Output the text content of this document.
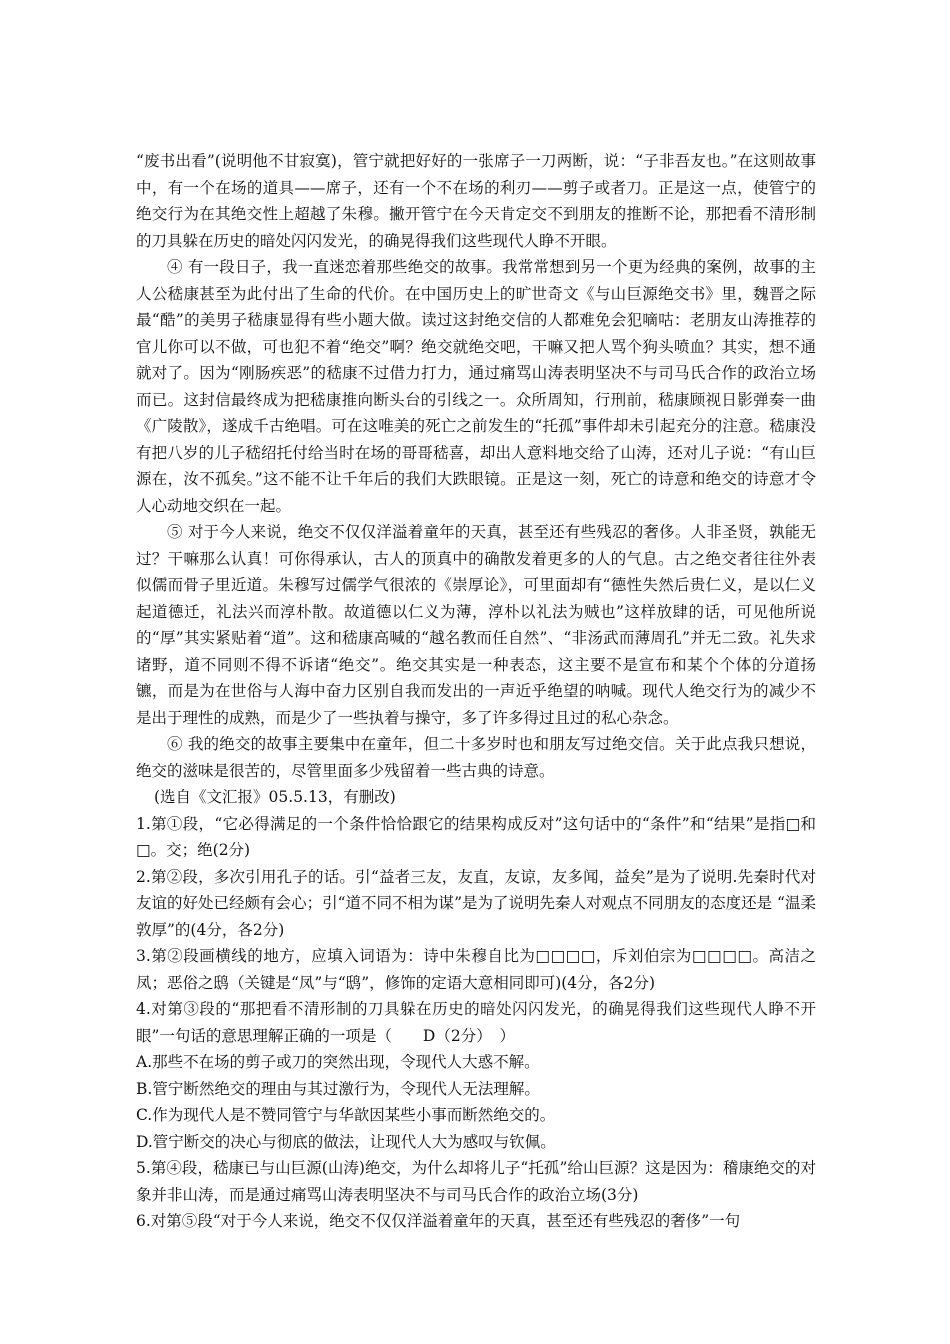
“废书出看”(说明他不甘寂寞)，管宁就把好好的一张席子一刀两断，说：“子非吾友也。”在这则故事中，有一个在场的道具——席子，还有一个不在场的利刃——剪子或者刀。正是这一点，使管宁的绝交行为在其绝交性上超越了朱穆。撇开管宁在今天肯定交不到朋友的推断不论，那把看不清形制的刀具躲在历史的暗处闪闪发光，的确晃得我们这些现代人睁不开眼。

④ 有一段日子，我一直迷恋着那些绝交的故事。我常常想到另一个更为经典的案例，故事的主人公嵇康甚至为此付出了生命的代价。在中国历史上的旷世奇文《与山巨源绝交书》里，魏晋之际最“酷”的美男子嵇康显得有些小题大做。读过这封绝交信的人都难免会犯嘀咕：老朋友山涛推荐的官儿你可以不做，可也犯不着“绝交”啊？绝交就绝交吧，干嘛又把人骂个狗头喷血？其实，想不通就对了。因为“刚肠疾恶”的嵇康不过借力打力，通过痛骂山涛表明坚决不与司马氏合作的政治立场而已。这封信最终成为把嵇康推向断头台的引线之一。众所周知，行刑前，嵇康顾视日影弹奏一曲《广陵散》，遂成千古绝唱。可在这唯美的死亡之前发生的“托孤”事件却未引起充分的注意。嵇康没有把八岁的儿子嵇绍托付给当时在场的哥哥嵇喜，却出人意料地交给了山涛，还对儿子说：“有山巨源在，汝不孤矣。”这不能不让千年后的我们大跌眼镜。正是这一刻，死亡的诗意和绝交的诗意才令人心动地交织在一起。

⑤ 对于今人来说，绝交不仅仅洋溢着童年的天真，甚至还有些残忍的奢侈。人非圣贤，孰能无过？干嘛那么认真！可你得承认，古人的顶真中的确散发着更多的人的气息。古之绝交者往往外表似儒而骨子里近道。朱穆写过儒学气很浓的《崇厚论》，可里面却有“德性失然后贵仁义，是以仁义起道德迁，礼法兴而淳朴散。故道德以仁义为薄，淳朴以礼法为贼也”这样放肆的话，可见他所说的“厚”其实紧贴着“道”。这和嵇康高喊的“越名教而任自然”、“非汤武而薄周孔”并无二致。礼失求诸野，道不同则不得不诉诸“绝交”。绝交其实是一种表态，这主要不是宣布和某个个体的分道扬镳，而是为在世俗与人海中奋力区别自我而发出的一声近乎绝望的呐喊。现代人绝交行为的减少不是出于理性的成熟，而是少了一些执着与操守，多了许多得过且过的私心杂念。

⑥ 我的绝交的故事主要集中在童年，但二十多岁时也和朋友写过绝交信。关于此点我只想说，绝交的滋味是很苦的，尽管里面多少残留着一些古典的诗意。

(选自《文汇报》05.5.13，有删改)

1.第①段，“它必得满足的一个条件恰恰跟它的结果构成反对”这句话中的“条件”和“结果”是指□和□。交；绝(2分)

2.第②段，多次引用孔子的话。引“益者三友，友直，友谅，友多闻，益矣”是为了说明.先秦时代对友谊的好处已经颇有会心；引“道不同不相为谋”是为了说明先秦人对观点不同朋友的态度还是 “温柔敦厚”的(4分，各2分)

3.第②段画横线的地方，应填入词语为：诗中朱穆自比为□□□□，斥刘伯宗为□□□□。高洁之凤；恶俗之鸱（关键是“凤”与“鸱”，修饰的定语大意相同即可)(4分，各2分)

4.对第③段的“那把看不清形制的刀具躲在历史的暗处闪闪发光，的确晃得我们这些现代人睁不开眼”一句话的意思理解正确的一项是（　　D（2分）　）

A.那些不在场的剪子或刀的突然出现，令现代人大惑不解。

B.管宁断然绝交的理由与其过激行为，令现代人无法理解。

C.作为现代人是不赞同管宁与华歆因某些小事而断然绝交的。

D.管宁断交的决心与彻底的做法，让现代人大为感叹与钦佩。

5.第④段，嵇康已与山巨源(山涛)绝交，为什么却将儿子“托孤”给山巨源？这是因为：稽康绝交的对象并非山涛，而是通过痛骂山涛表明坚决不与司马氏合作的政治立场(3分)

6.对第⑤段“对于今人来说，绝交不仅仅洋溢着童年的天真，甚至还有些残忍的奢侈”一句
